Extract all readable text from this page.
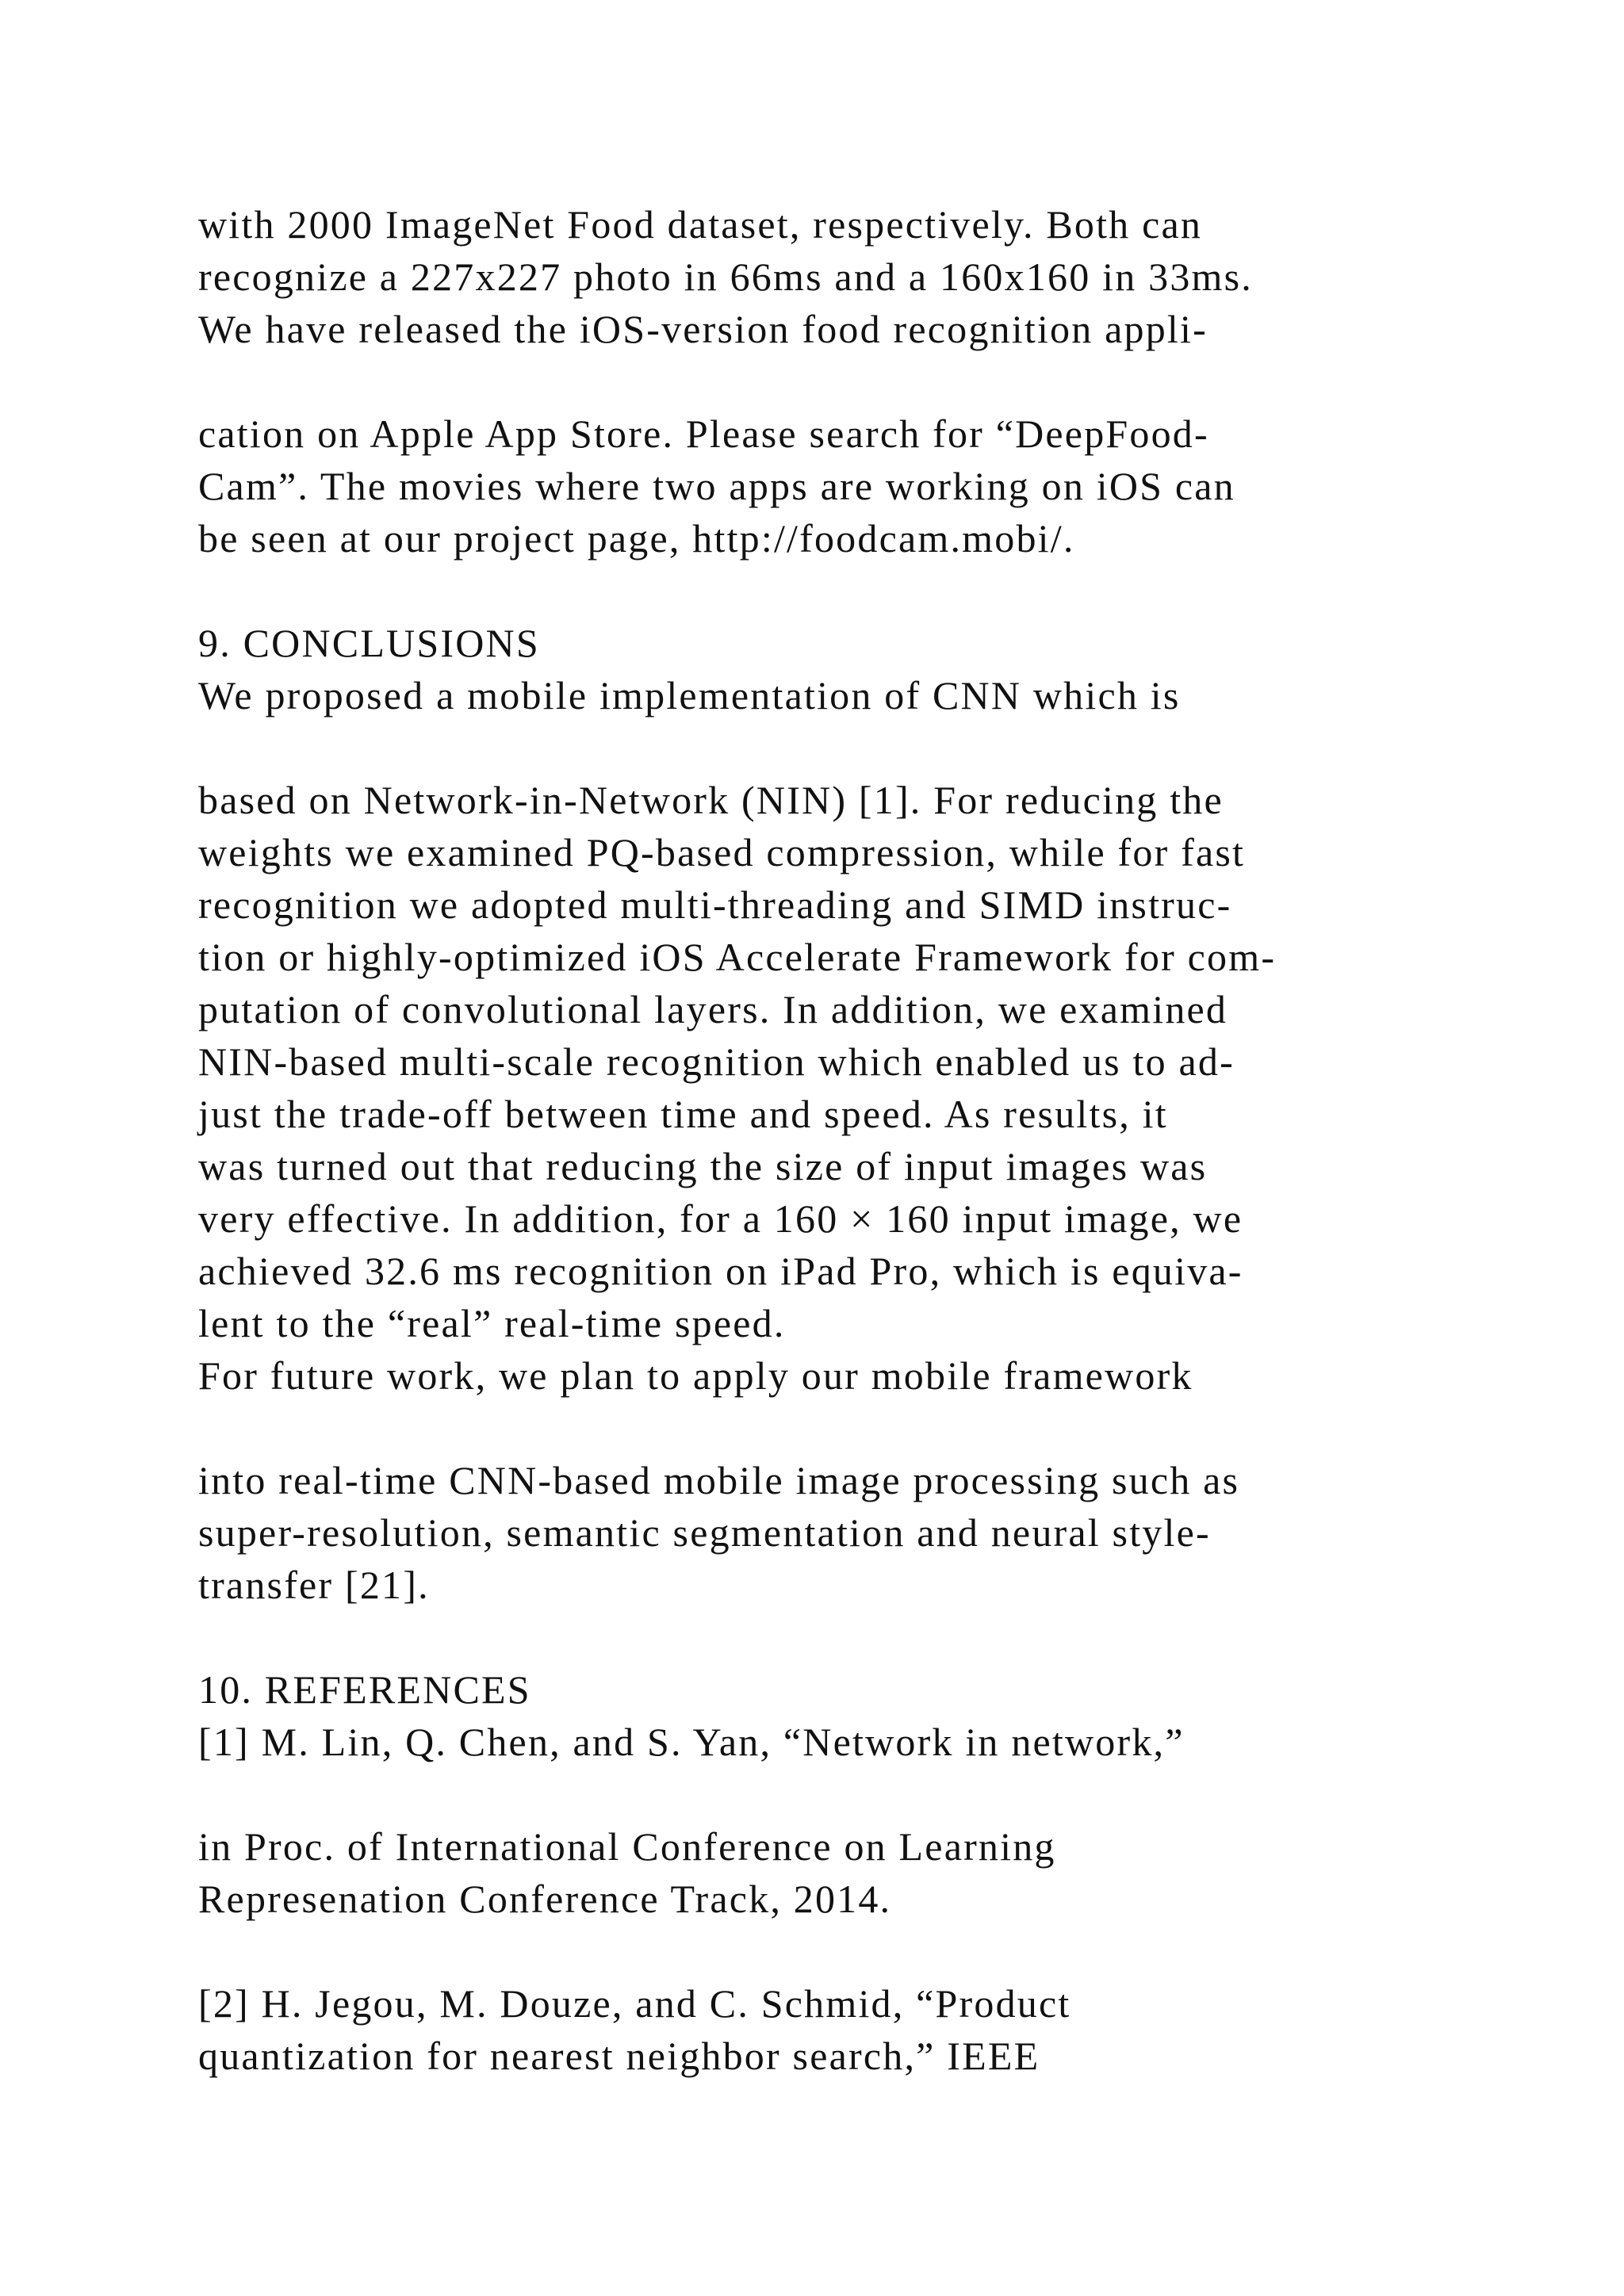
with 2000 ImageNet Food dataset, respectively. Both can
recognize a 227x227 photo in 66ms and a 160x160 in 33ms.
We have released the iOS-version food recognition appli-
cation on Apple App Store. Please search for “DeepFood-
Cam”. The movies where two apps are working on iOS can
be seen at our project page, http://foodcam.mobi/.
9. CONCLUSIONS
We proposed a mobile implementation of CNN which is
based on Network-in-Network (NIN) [1]. For reducing the
weights we examined PQ-based compression, while for fast
recognition we adopted multi-threading and SIMD instruc-
tion or highly-optimized iOS Accelerate Framework for com-
putation of convolutional layers. In addition, we examined
NIN-based multi-scale recognition which enabled us to ad-
just the trade-off between time and speed. As results, it
was turned out that reducing the size of input images was
very effective. In addition, for a 160 × 160 input image, we
achieved 32.6 ms recognition on iPad Pro, which is equiva-
lent to the “real” real-time speed.
For future work, we plan to apply our mobile framework
into real-time CNN-based mobile image processing such as
super-resolution, semantic segmentation and neural style-
transfer [21].
10. REFERENCES
[1] M. Lin, Q. Chen, and S. Yan, “Network in network,”
in Proc. of International Conference on Learning
Represenation Conference Track, 2014.
[2] H. Jegou, M. Douze, and C. Schmid, “Product
quantization for nearest neighbor search,” IEEE
